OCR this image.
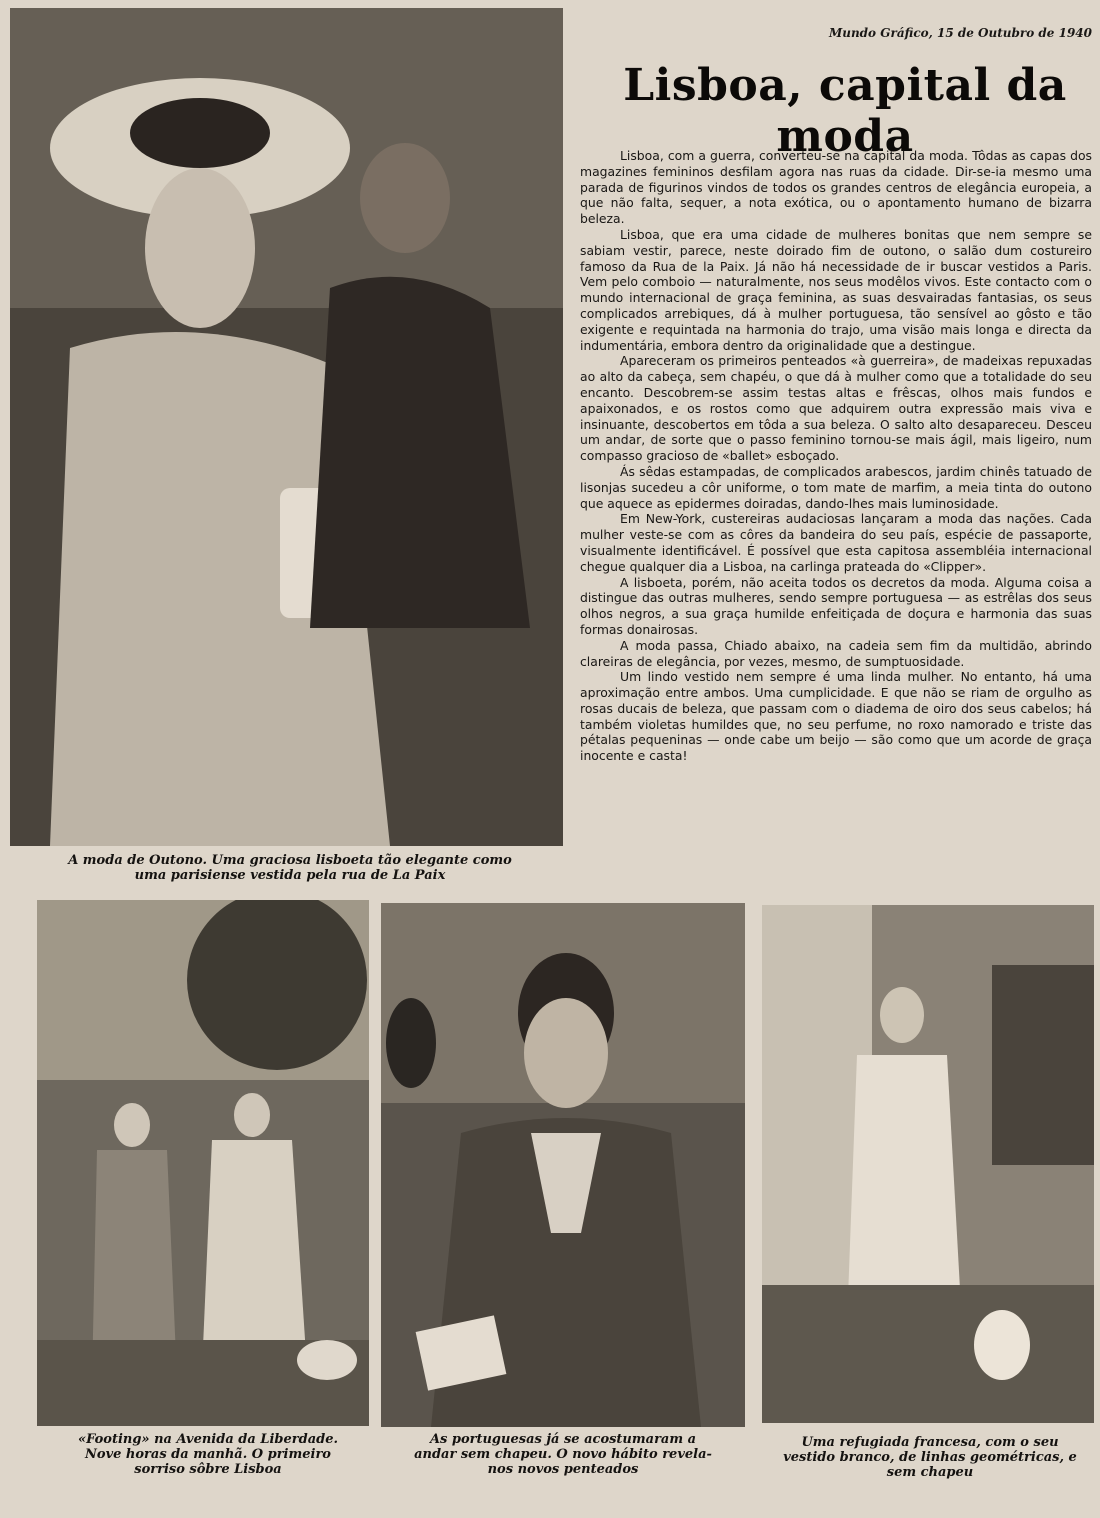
Mundo Gráfico, 15 de Outubro de 1940
Lisboa, capital da moda

Lisboa, com a guerra, converteu-se na capital da moda. Tôdas as capas dos magazines femininos desfilam agora nas ruas da cidade. Dir-se-ia mesmo uma parada de figurinos vindos de todos os grandes centros de elegância europeia, a que não falta, sequer, a nota exótica, ou o apontamento humano de bizarra beleza.

Lisboa, que era uma cidade de mulheres bonitas que nem sempre se sabiam vestir, parece, neste doirado fim de outono, o salão dum costureiro famoso da Rua de la Paix. Já não há necessidade de ir buscar vestidos a Paris. Vem pelo comboio — naturalmente, nos seus modêlos vivos. Este contacto com o mundo internacional de graça feminina, as suas desvairadas fantasias, os seus complicados arrebiques, dá à mulher portuguesa, tão sensível ao gôsto e tão exigente e requintada na harmonia do trajo, uma visão mais longa e directa da indumentária, embora dentro da originalidade que a destingue.

Apareceram os primeiros penteados «à guerreira», de madeixas repuxadas ao alto da cabeça, sem chapéu, o que dá à mulher como que a totalidade do seu encanto. Descobrem-se assim testas altas e frêscas, olhos mais fundos e apaixonados, e os rostos como que adquirem outra expressão mais viva e insinuante, descobertos em tôda a sua beleza. O salto alto desapareceu. Desceu um andar, de sorte que o passo feminino tornou-se mais ágil, mais ligeiro, num compasso gracioso de «ballet» esboçado.

Ás sêdas estampadas, de complicados arabescos, jardim chinês tatuado de lisonjas sucedeu a côr uniforme, o tom mate de marfim, a meia tinta do outono que aquece as epidermes doiradas, dando-lhes mais luminosidade.

Em New-York, custereiras audaciosas lançaram a moda das nações. Cada mulher veste-se com as côres da bandeira do seu país, espécie de passaporte, visualmente identificável. É possível que esta capitosa assembléia internacional chegue qualquer dia a Lisboa, na carlinga prateada do «Clipper».

A lisboeta, porém, não aceita todos os decretos da moda. Alguma coisa a distingue das outras mulheres, sendo sempre portuguesa — as estrêlas dos seus olhos negros, a sua graça humilde enfeitiçada de doçura e harmonia das suas formas donairosas.

A moda passa, Chiado abaixo, na cadeia sem fim da multidão, abrindo clareiras de elegância, por vezes, mesmo, de sumptuosidade.

Um lindo vestido nem sempre é uma linda mulher. No entanto, há uma aproximação entre ambos. Uma cumplicidade. E que não se riam de orgulho as rosas ducais de beleza, que passam com o diadema de oiro dos seus cabelos; há também violetas humildes que, no seu perfume, no roxo namorado e triste das pétalas pequeninas — onde cabe um beijo — são como que um acorde de graça inocente e casta!

A moda de Outono. Uma graciosa lisboeta tão elegante como uma parisiense vestida pela rua de La Paix
«Footing» na Avenida da Liberdade. Nove horas da manhã. O primeiro sorriso sôbre Lisboa
As portuguesas já se acostumaram a andar sem chapeu. O novo hábito revela-nos novos penteados
Uma refugiada francesa, com o seu vestido branco, de linhas geométricas, e sem chapeu
